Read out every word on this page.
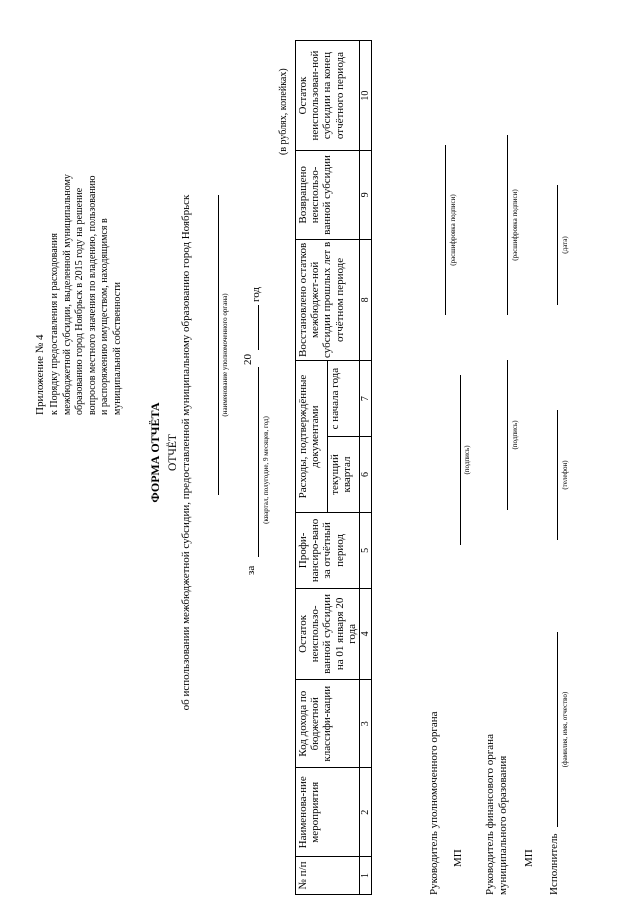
Приложение № 4 к Порядку предоставления и расходования межбюджетной субсидии, выделенной муниципальному образованию город Ноябрьск в 2015 году на решение вопросов местного значения по владению, пользованию и распоряжению имуществом, находящимся в муниципальной собственности
ФОРМА ОТЧЁТА ОТЧЁТ об использовании межбюджетной субсидии, предоставленной муниципальному образованию город Ноябрьск	(наименование уполномоченного органа)
за
20
год
(квартал, полугодие, 9 месяцев, год)
(в рублях, копейках)
№ п/п	Наименова-ние мероприятия	Код дохода по бюджетной классифи-кации	Остаток неиспользо-ванной субсидии на 01 января 20 года	Профи-нансиро-вано за отчётный период	Расходы, подтверждённые документами		Восстановлено остатков межбюджет-ной субсидии прошлых лет в отчётном периоде	Возвращено неиспользо-ванной субсидии	Остаток неиспользован-ной субсидии на конец отчётного периода
					текущий квартал	с начала года			
1	2	3	4	5	6	7	8	9	10
Руководитель уполномоченного органа МП
(подпись)
(расшифровка подписи)
Руководитель финансового органа муниципального образования МП
(подпись)
(расшифровка подписи)
Исполнитель
(фамилия, имя, отчество)
(телефон)
(дата)
